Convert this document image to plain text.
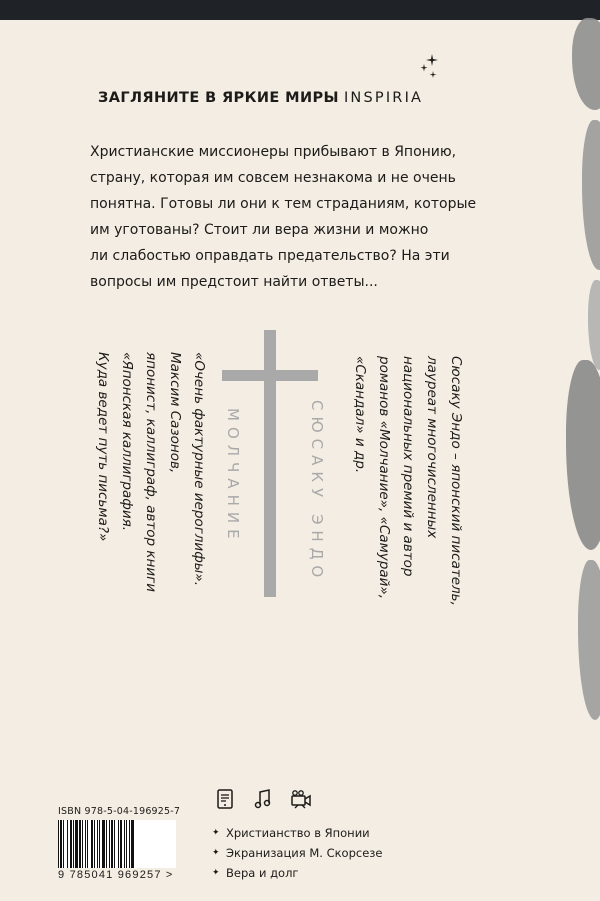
ЗАГЛЯНИТЕ В ЯРКИЕ МИРЫ INSPIRIA

Христианские миссионеры прибывают в Японию,

страну, которая им совсем незнакома и не очень

понятна. Готовы ли они к тем страданиям, которые

им уготованы? Стоит ли вера жизни и можно

ли слабостью оправдать предательство? На эти

вопросы им предстоит найти ответы...

МОЛЧАНИЕ	СЮСАКУ ЭНДО	Сюсаку Эндо – японский писатель,
лауреат многочисленных
национальных премий и автор
романов «Молчание», «Самурай»,
«Скандал» и др.
«Очень фактурные иероглифы».
Максим Сазонов,
японист, каллиграф, автор книги
«Японская каллиграфия.
Куда ведет путь письма?»
ISBN 978-5-04-196925-7
9 785041 969257 >
✦ Христианство в Японии
✦ Экранизация М. Скорсезе
✦ Вера и долг
